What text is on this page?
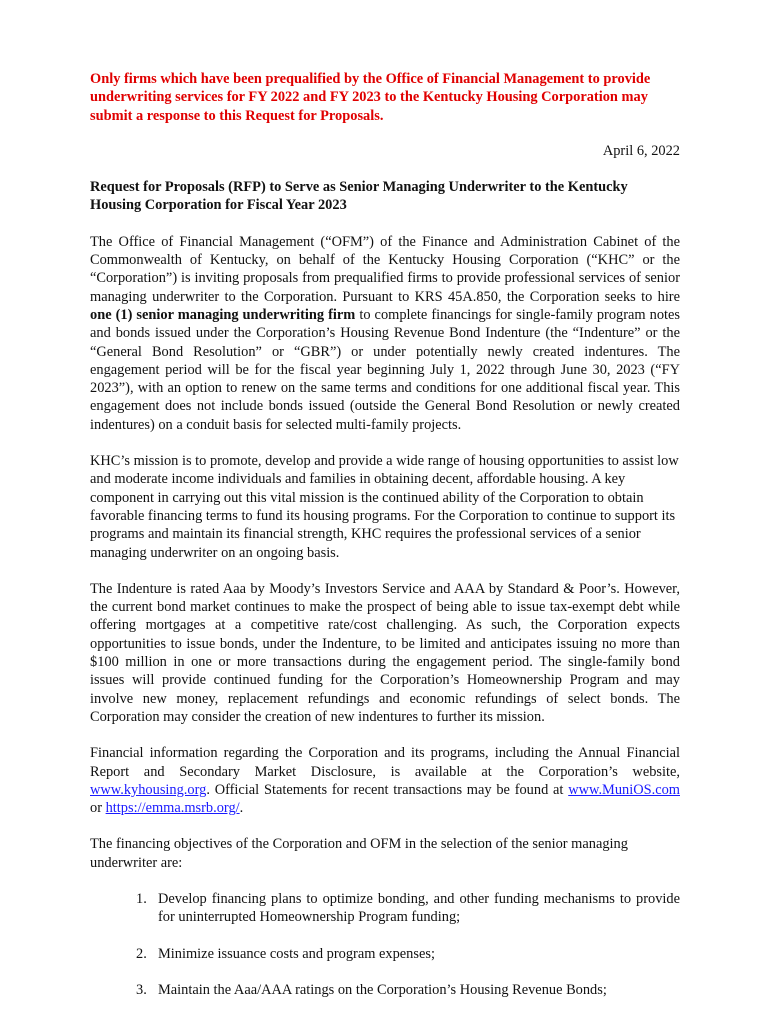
Only firms which have been prequalified by the Office of Financial Management to provide underwriting services for FY 2022 and FY 2023 to the Kentucky Housing Corporation may submit a response to this Request for Proposals.

April 6, 2022

Request for Proposals (RFP) to Serve as Senior Managing Underwriter to the Kentucky Housing Corporation for Fiscal Year 2023

The Office of Financial Management (“OFM”) of the Finance and Administration Cabinet of the Commonwealth of Kentucky, on behalf of the Kentucky Housing Corporation (“KHC” or the “Corporation”) is inviting proposals from prequalified firms to provide professional services of senior managing underwriter to the Corporation. Pursuant to KRS 45A.850, the Corporation seeks to hire one (1) senior managing underwriting firm to complete financings for single-family program notes and bonds issued under the Corporation’s Housing Revenue Bond Indenture (the “Indenture” or the “General Bond Resolution” or “GBR”) or under potentially newly created indentures. The engagement period will be for the fiscal year beginning July 1, 2022 through June 30, 2023 (“FY 2023”), with an option to renew on the same terms and conditions for one additional fiscal year. This engagement does not include bonds issued (outside the General Bond Resolution or newly created indentures) on a conduit basis for selected multi-family projects.

KHC’s mission is to promote, develop and provide a wide range of housing opportunities to assist low and moderate income individuals and families in obtaining decent, affordable housing. A key component in carrying out this vital mission is the continued ability of the Corporation to obtain favorable financing terms to fund its housing programs. For the Corporation to continue to support its programs and maintain its financial strength, KHC requires the professional services of a senior managing underwriter on an ongoing basis.

The Indenture is rated Aaa by Moody’s Investors Service and AAA by Standard & Poor’s. However, the current bond market continues to make the prospect of being able to issue tax-exempt debt while offering mortgages at a competitive rate/cost challenging. As such, the Corporation expects opportunities to issue bonds, under the Indenture, to be limited and anticipates issuing no more than $100 million in one or more transactions during the engagement period. The single-family bond issues will provide continued funding for the Corporation’s Homeownership Program and may involve new money, replacement refundings and economic refundings of select bonds. The Corporation may consider the creation of new indentures to further its mission.

Financial information regarding the Corporation and its programs, including the Annual Financial Report and Secondary Market Disclosure, is available at the Corporation’s website, www.kyhousing.org. Official Statements for recent transactions may be found at www.MuniOS.com or https://emma.msrb.org/.

The financing objectives of the Corporation and OFM in the selection of the senior managing underwriter are:

1. Develop financing plans to optimize bonding, and other funding mechanisms to provide for uninterrupted Homeownership Program funding;
2. Minimize issuance costs and program expenses;
3. Maintain the Aaa/AAA ratings on the Corporation’s Housing Revenue Bonds;
